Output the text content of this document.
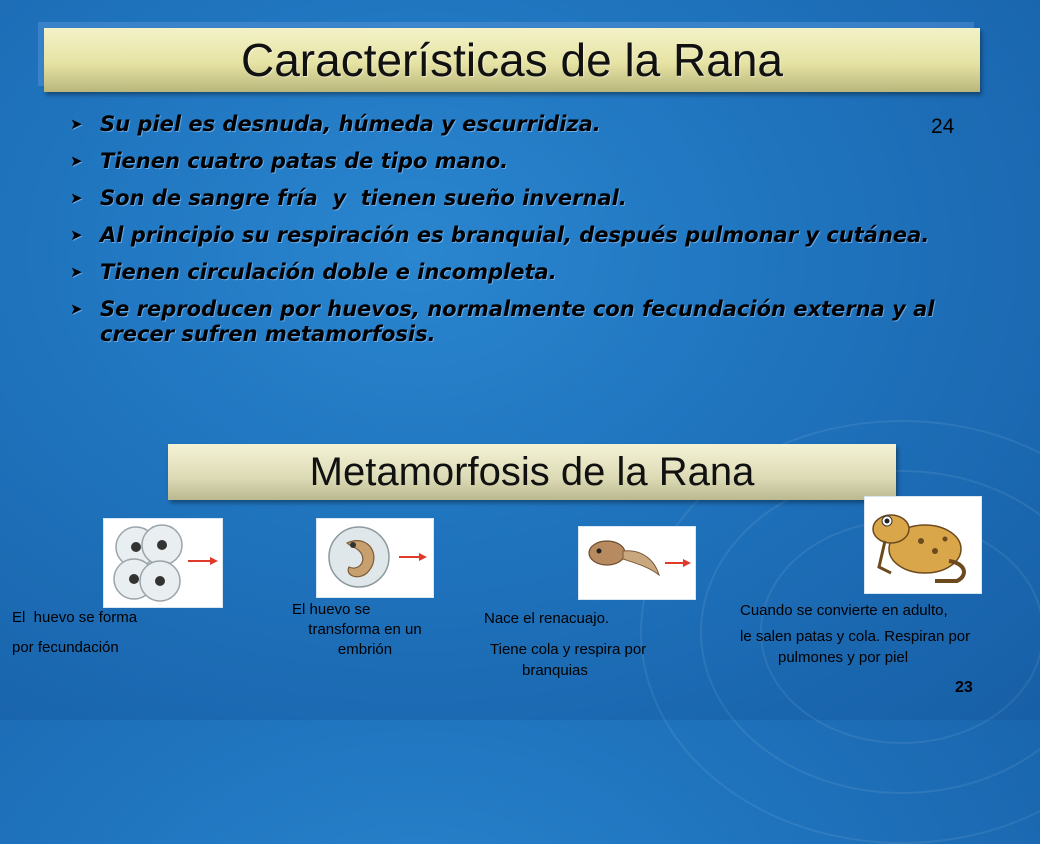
Características de la Rana
24
➤ Su piel es desnuda, húmeda y escurridiza.
➤ Tienen cuatro patas de tipo mano.
➤ Son de sangre fría  y  tienen sueño invernal.
➤ Al principio su respiración es branquial, después pulmonar y cutánea.
➤ Tienen circulación doble e incompleta.
➤ Se reproducen por huevos, normalmente con fecundación externa y al crecer sufren metamorfosis.
Metamorfosis de la Rana
El  huevo se forma
por fecundación
El huevo se
transforma en un
embrión
Nace el renacuajo.
Tiene cola y respira por
branquias
Cuando se convierte en adulto,
le salen patas y cola. Respiran por
pulmones y por piel
23
